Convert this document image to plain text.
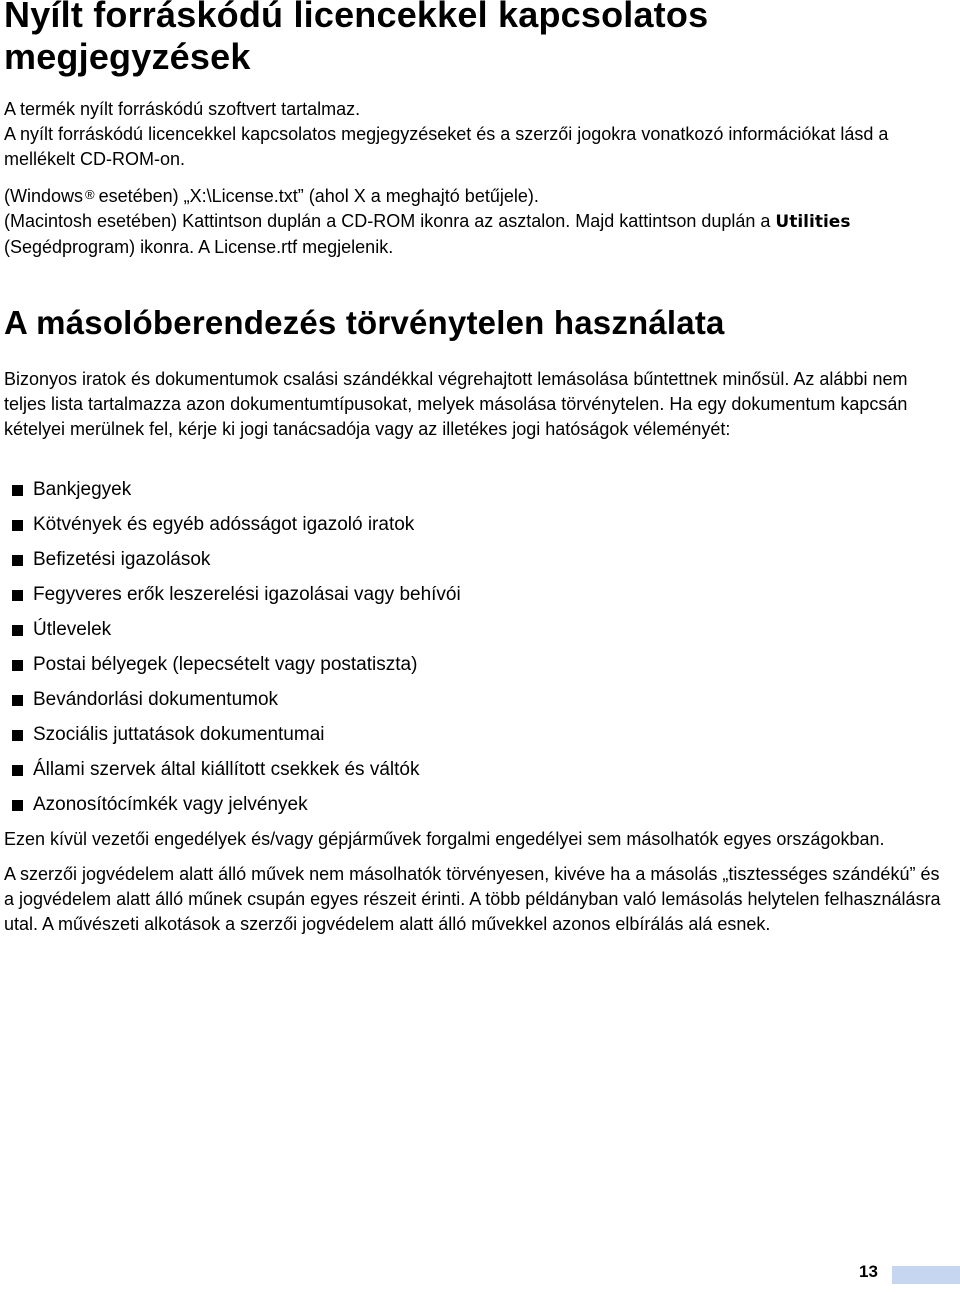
Nyílt forráskódú licencekkel kapcsolatos megjegyzések

A termék nyílt forráskódú szoftvert tartalmaz.

A nyílt forráskódú licencekkel kapcsolatos megjegyzéseket és a szerzői jogokra vonatkozó információkat lásd a mellékelt CD-ROM-on.

(Windows ® esetében) „X:\License.txt” (ahol X a meghajtó betűjele).

(Macintosh esetében) Kattintson duplán a CD-ROM ikonra az asztalon. Majd kattintson duplán a Utilities (Segédprogram) ikonra. A License.rtf megjelenik.

A másolóberendezés törvénytelen használata

Bizonyos iratok és dokumentumok csalási szándékkal végrehajtott lemásolása bűntettnek minősül. Az alábbi nem teljes lista tartalmazza azon dokumentumtípusokat, melyek másolása törvénytelen. Ha egy dokumentum kapcsán kételyei merülnek fel, kérje ki jogi tanácsadója vagy az illetékes jogi hatóságok véleményét:

Bankjegyek
Kötvények és egyéb adósságot igazoló iratok
Befizetési igazolások
Fegyveres erők leszerelési igazolásai vagy behívói
Útlevelek
Postai bélyegek (lepecsételt vagy postatiszta)
Bevándorlási dokumentumok
Szociális juttatások dokumentumai
Állami szervek által kiállított csekkek és váltók
Azonosítócímkék vagy jelvények

Ezen kívül vezetői engedélyek és/vagy gépjárművek forgalmi engedélyei sem másolhatók egyes országokban.

A szerzői jogvédelem alatt álló művek nem másolhatók törvényesen, kivéve ha a másolás „tisztességes szándékú” és a jogvédelem alatt álló műnek csupán egyes részeit érinti. A több példányban való lemásolás helytelen felhasználásra utal. A művészeti alkotások a szerzői jogvédelem alatt álló művekkel azonos elbírálás alá esnek.

13
